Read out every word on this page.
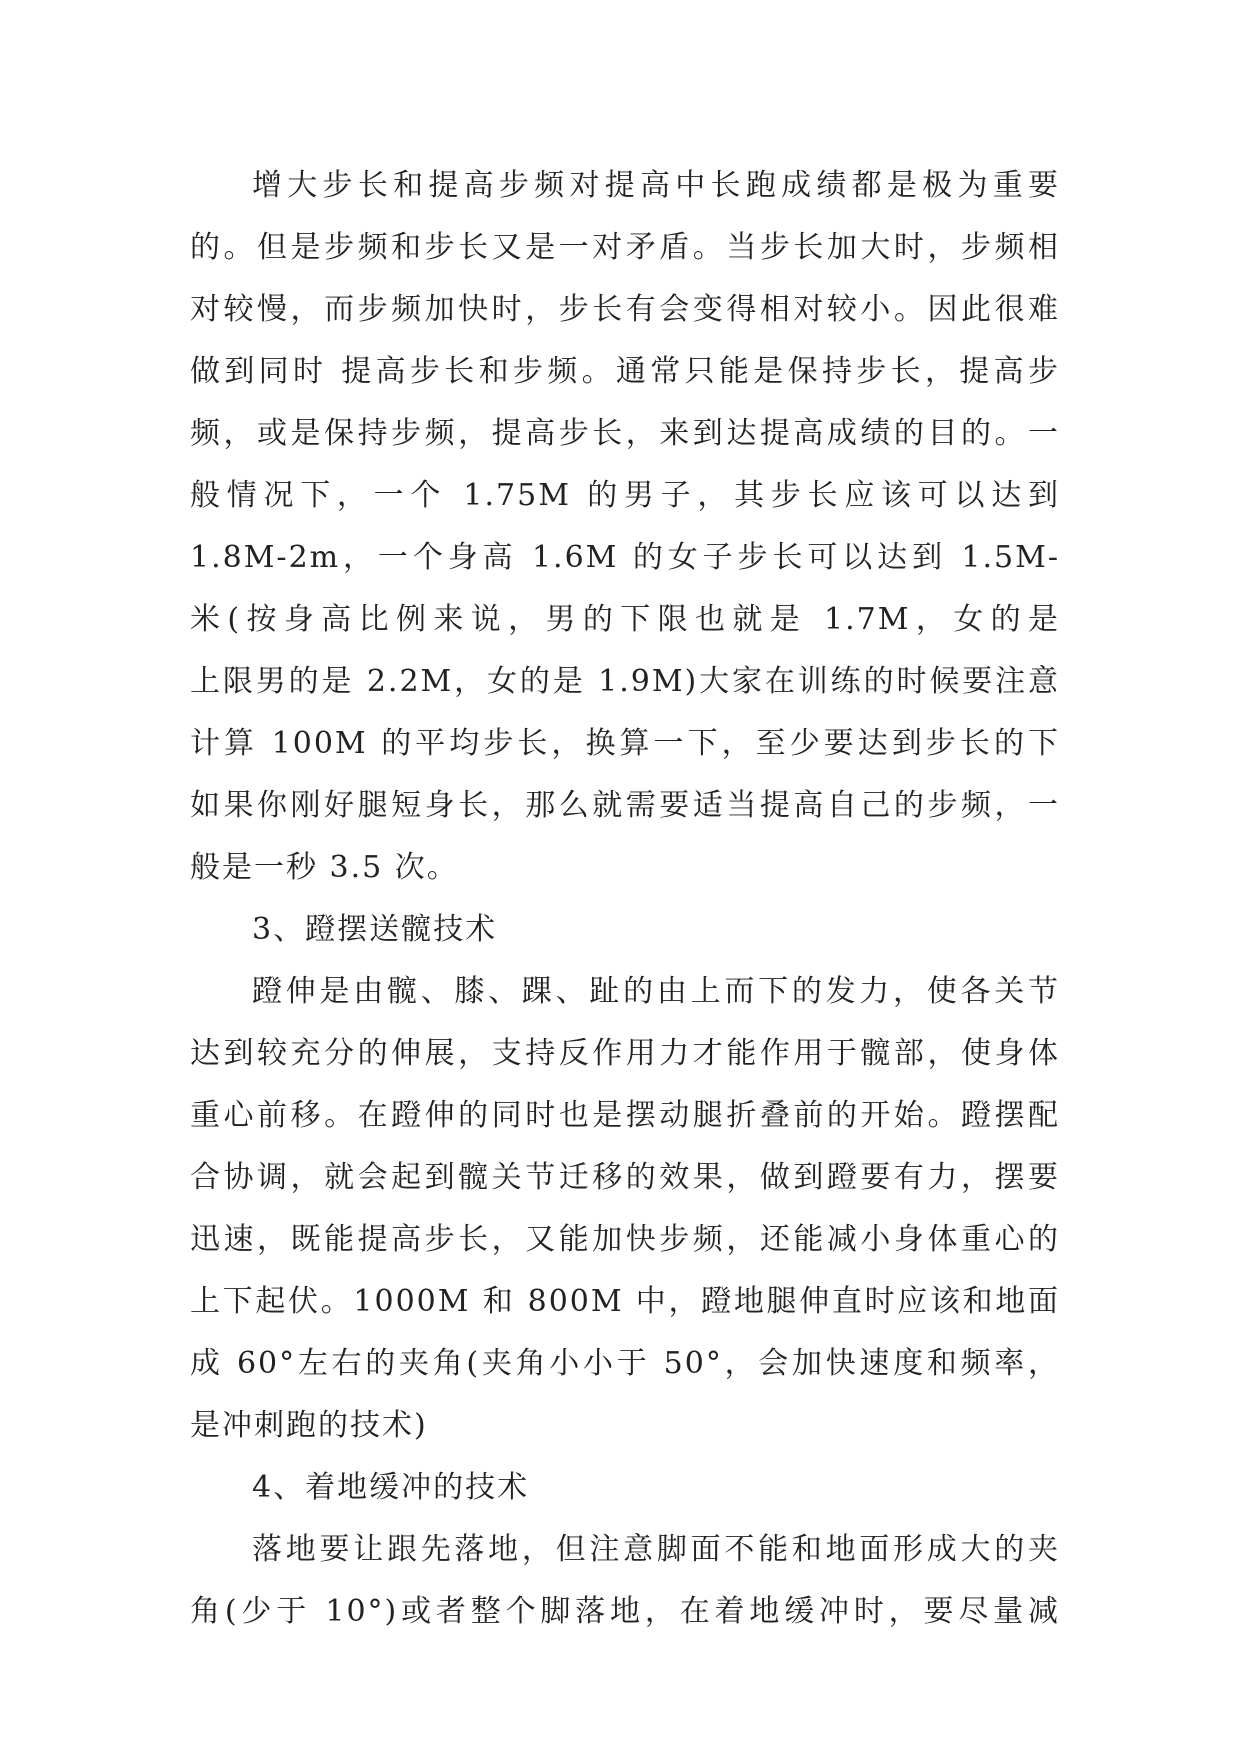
增大步长和提高步频对提高中长跑成绩都是极为重要
的。但是步频和步长又是一对矛盾。当步长加大时，步频相
对较慢，而步频加快时，步长有会变得相对较小。因此很难
做到同时 提高步长和步频。通常只能是保持步长，提高步
频，或是保持步频，提高步长，来到达提高成绩的目的。一
般情况下，一个 1.75M 的男子，其步长应该可以达到
1.8M-2m，一个身高 1.6M 的女子步长可以达到 1.5M-
米(按身高比例来说，男的下限也就是 1.7M，女的是
上限男的是 2.2M，女的是 1.9M)大家在训练的时候要注意
计算 100M 的平均步长，换算一下，至少要达到步长的下
如果你刚好腿短身长，那么就需要适当提高自己的步频，一
般是一秒 3.5 次。
3、蹬摆送髋技术
蹬伸是由髋、膝、踝、趾的由上而下的发力，使各关节
达到较充分的伸展，支持反作用力才能作用于髋部，使身体
重心前移。在蹬伸的同时也是摆动腿折叠前的开始。蹬摆配
合协调，就会起到髋关节迁移的效果，做到蹬要有力，摆要
迅速，既能提高步长，又能加快步频，还能减小身体重心的
上下起伏。1000M 和 800M 中，蹬地腿伸直时应该和地面
成 60°左右的夹角(夹角小小于 50°，会加快速度和频率，
是冲刺跑的技术)
4、着地缓冲的技术
落地要让跟先落地，但注意脚面不能和地面形成大的夹
角(少于 10°)或者整个脚落地，在着地缓冲时，要尽量减
